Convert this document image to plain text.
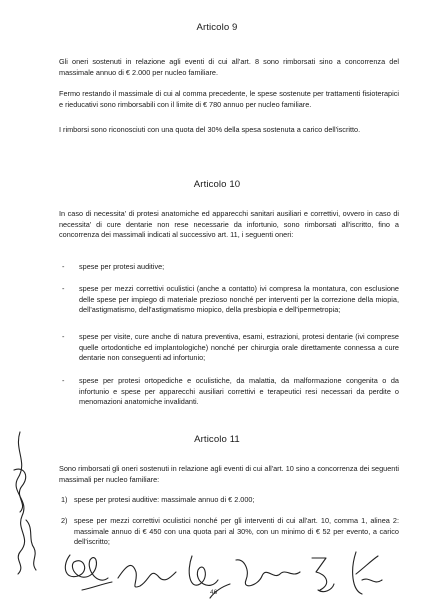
Articolo 9
Gli oneri sostenuti in relazione agli eventi di cui all'art. 8 sono rimborsati sino a concorrenza del massimale annuo di € 2.000 per nucleo familiare.
Fermo restando il massimale di cui al comma precedente, le spese sostenute per trattamenti fisioterapici e rieducativi sono rimborsabili con il limite di € 780 annuo per nucleo familiare.
I rimborsi sono riconosciuti con una quota del 30% della spesa sostenuta a carico dell'iscritto.
Articolo 10
In caso di necessita' di protesi anatomiche ed apparecchi sanitari ausiliari e correttivi, ovvero in caso di necessita' di cure dentarie non rese necessarie da infortunio, sono rimborsati all'iscritto, fino a concorrenza dei massimali indicati al successivo art. 11, i seguenti oneri:
- spese per protesi auditive;
- spese per mezzi correttivi oculistici (anche a contatto) ivi compresa la montatura, con esclusione delle spese per impiego di materiale prezioso nonché per interventi per la correzione della miopia, dell'astigmatismo, dell'astigmatismo miopico, della presbiopia e dell'ipermetropia;
- spese per visite, cure anche di natura preventiva, esami, estrazioni, protesi dentarie (ivi comprese quelle ortodontiche ed implantologiche) nonché per chirurgia orale direttamente connessa a cure dentarie non conseguenti ad infortunio;
- spese per protesi ortopediche e oculistiche, da malattia, da malformazione congenita o da infortunio e spese per apparecchi ausiliari correttivi e terapeutici resi necessari da perdite o menomazioni anatomiche invalidanti.
Articolo 11
Sono rimborsati gli oneri sostenuti in relazione agli eventi di cui all'art. 10 sino a concorrenza dei seguenti massimali per nucleo familiare:
1) spese per protesi auditive: massimale annuo di € 2.000;
2) spese per mezzi correttivi oculistici nonché per gli interventi di cui all'art. 10, comma 1, alinea 2: massimale annuo di € 450 con una quota pari al 30%, con un minimo di € 52 per evento, a carico dell'iscritto;
46
